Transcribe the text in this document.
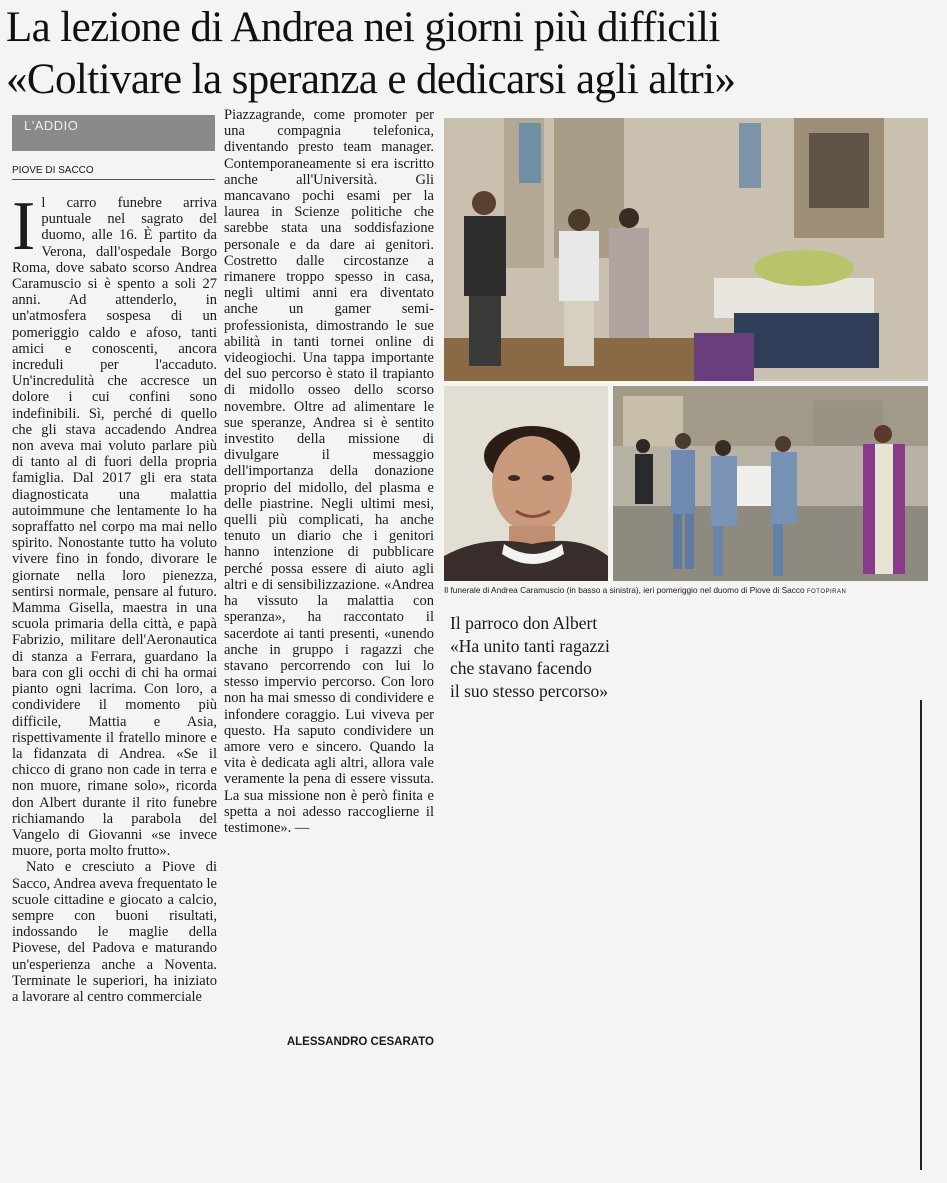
La lezione di Andrea nei giorni più difficili
«Coltivare la speranza e dedicarsi agli altri»
L'ADDIO
PIOVE DI SACCO
I l carro funebre arriva puntuale nel sagrato del duomo, alle 16. È partito da Verona, dall'ospedale Borgo Roma, dove sabato scorso Andrea Caramuscio si è spento a soli 27 anni. Ad attenderlo, in un'atmosfera sospesa di un pomeriggio caldo e afoso, tanti amici e conoscenti, ancora increduli per l'accaduto. Un'incredulità che accresce un dolore i cui confini sono indefinibili. Sì, perché di quello che gli stava accadendo Andrea non aveva mai voluto parlare più di tanto al di fuori della propria famiglia. Dal 2017 gli era stata diagnosticata una malattia autoimmune che lentamente lo ha sopraffatto nel corpo ma mai nello spirito. Nonostante tutto ha voluto vivere fino in fondo, divorare le giornate nella loro pienezza, sentirsi normale, pensare al futuro. Mamma Gisella, maestra in una scuola primaria della città, e papà Fabrizio, militare dell'Aeronautica di stanza a Ferrara, guardano la bara con gli occhi di chi ha ormai pianto ogni lacrima. Con loro, a condividere il momento più difficile, Mattia e Asia, rispettivamente il fratello minore e la fidanzata di Andrea. «Se il chicco di grano non cade in terra e non muore, rimane solo», ricorda don Albert durante il rito funebre richiamando la parabola del Vangelo di Giovanni «se invece muore, porta molto frutto».

Nato e cresciuto a Piove di Sacco, Andrea aveva frequentato le scuole cittadine e giocato a calcio, sempre con buoni risultati, indossando le maglie della Piovese, del Padova e maturando un'esperienza anche a Noventa. Terminate le superiori, ha iniziato a lavorare al centro commerciale

Piazzagrande, come promoter per una compagnia telefonica, diventando presto team manager. Contemporaneamente si era iscritto anche all'Università. Gli mancavano pochi esami per la laurea in Scienze politiche che sarebbe stata una soddisfazione personale e da dare ai genitori. Costretto dalle circostanze a rimanere troppo spesso in casa, negli ultimi anni era diventato anche un gamer semi-professionista, dimostrando le sue abilità in tanti tornei online di videogiochi. Una tappa importante del suo percorso è stato il trapianto di midollo osseo dello scorso novembre. Oltre ad alimentare le sue speranze, Andrea si è sentito investito della missione di divulgare il messaggio dell'importanza della donazione proprio del midollo, del plasma e delle piastrine. Negli ultimi mesi, quelli più complicati, ha anche tenuto un diario che i genitori hanno intenzione di pubblicare perché possa essere di aiuto agli altri e di sensibilizzazione. «Andrea ha vissuto la malattia con speranza», ha raccontato il sacerdote ai tanti presenti, «unendo anche in gruppo i ragazzi che stavano percorrendo con lui lo stesso impervio percorso. Con loro non ha mai smesso di condividere e infondere coraggio. Lui viveva per questo. Ha saputo condividere un amore vero e sincero. Quando la vita è dedicata agli altri, allora vale veramente la pena di essere vissuta. La sua missione non è però finita e spetta a noi adesso raccoglierne il testimone». —

ALESSANDRO CESARATO
Il funerale di Andrea Caramuscio (in basso a sinistra), ieri pomeriggio nel duomo di Piove di Sacco FOTOPIRAN
Il parroco don Albert
«Ha unito tanti ragazzi
che stavano facendo
il suo stesso percorso»
